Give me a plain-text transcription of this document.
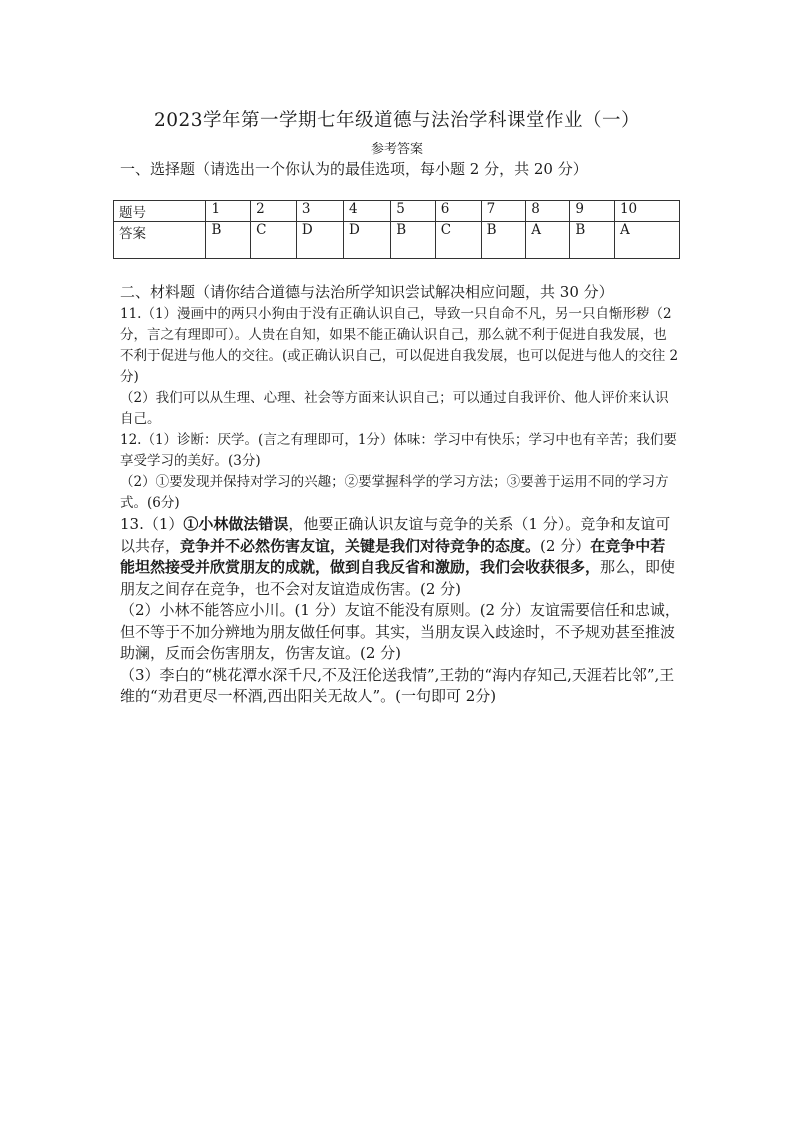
2023学年第一学期七年级道德与法治学科课堂作业（一）
参考答案
一、选择题（请选出一个你认为的最佳选项，每小题 2 分，共 20 分）
题号	1	2	3	4	5	6	7	8	9	10
答案	B	C	D	D	B	C	B	A	B	A
二、材料题（请你结合道德与法治所学知识尝试解决相应问题，共 30 分）

11.（1）漫画中的两只小狗由于没有正确认识自己，导致一只自命不凡，另一只自惭形秽（2分，言之有理即可）。人贵在自知，如果不能正确认识自己，那么就不利于促进自我发展，也不利于促进与他人的交往。(或正确认识自己，可以促进自我发展，也可以促进与他人的交往 2分)

（2）我们可以从生理、心理、社会等方面来认识自己；可以通过自我评价、他人评价来认识自己。

12.（1）诊断：厌学。(言之有理即可，1分）体味：学习中有快乐；学习中也有辛苦；我们要享受学习的美好。(3分)

（2）①要发现并保持对学习的兴趣；②要掌握科学的学习方法；③要善于运用不同的学习方式。(6分)

13.（1）①小林做法错误，他要正确认识友谊与竞争的关系（1 分）。竞争和友谊可以共存，竞争并不必然伤害友谊，关键是我们对待竞争的态度。(2 分）在竞争中若能坦然接受并欣赏朋友的成就，做到自我反省和激励，我们会收获很多，那么，即使朋友之间存在竞争，也不会对友谊造成伤害。(2 分)

（2）小林不能答应小川。(1 分）友谊不能没有原则。(2 分）友谊需要信任和忠诚，但不等于不加分辨地为朋友做任何事。其实，当朋友误入歧途时，不予规劝甚至推波助澜，反而会伤害朋友，伤害友谊。(2 分)

（3）李白的“桃花潭水深千尺,不及汪伦送我情”,王勃的“海内存知己,天涯若比邻”,王维的“劝君更尽一杯酒,西出阳关无故人”。(一句即可 2分)
